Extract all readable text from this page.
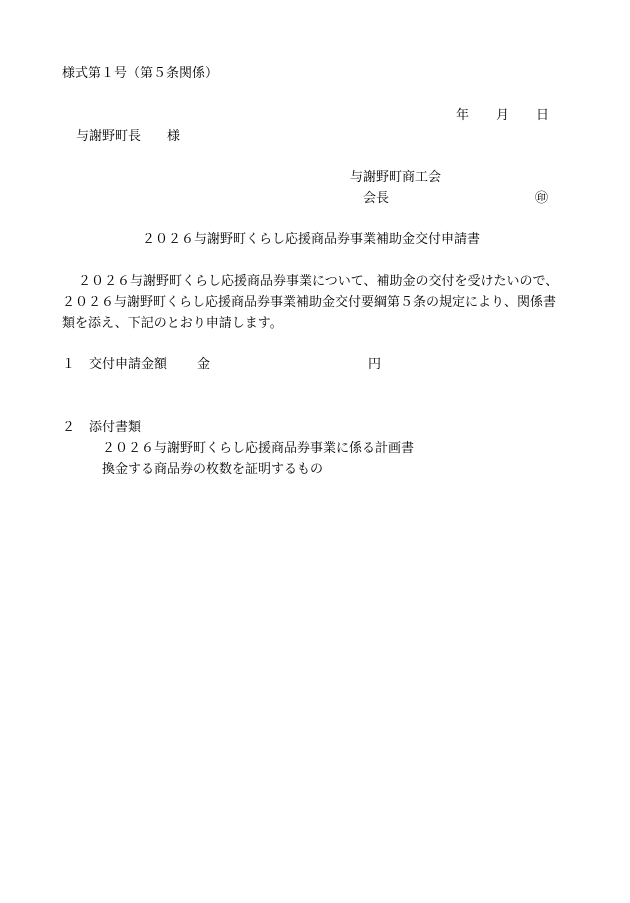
様式第１号（第５条関係）
年 月 日
与謝野町長 様
与謝野町商工会
会長	㊞
２０２６与謝野町くらし応援商品券事業補助金交付申請書
２０２６与謝野町くらし応援商品券事業について、補助金の交付を受けたいので、
２０２６与謝野町くらし応援商品券事業補助金交付要綱第５条の規定により、関係書
類を添え、下記のとおり申請します。
１ 交付申請金額 金	円
２ 添付書類
２０２６与謝野町くらし応援商品券事業に係る計画書
換金する商品券の枚数を証明するもの
